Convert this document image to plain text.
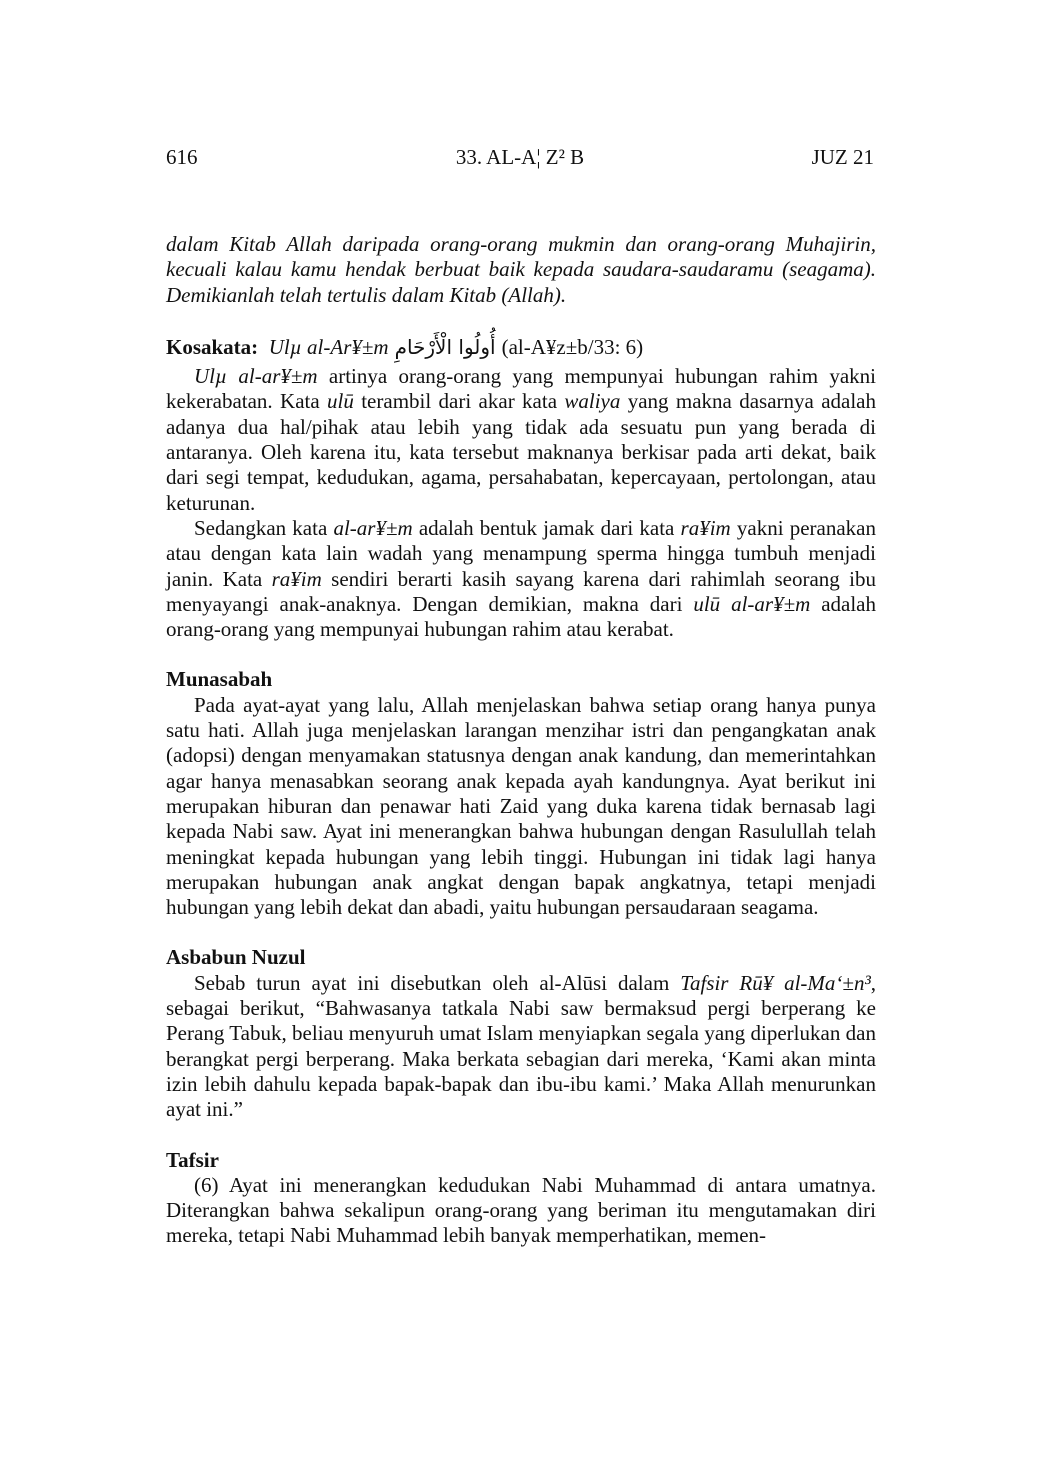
616	33. AL-A¦ Z² B	JUZ 21

dalam Kitab Allah daripada orang-orang mukmin dan orang-orang Muhajirin, kecuali kalau kamu hendak berbuat baik kepada saudara-saudaramu (seagama). Demikianlah telah tertulis dalam Kitab (Allah).

Kosakata: Ulµ al-Ar¥±m أُولُوا الْأَرْحَامِ (al-A¥z±b/33: 6)

Ulµ al-ar¥±m artinya orang-orang yang mempunyai hubungan rahim yakni kekerabatan. Kata ulū terambil dari akar kata waliya yang makna dasarnya adalah adanya dua hal/pihak atau lebih yang tidak ada sesuatu pun yang berada di antaranya. Oleh karena itu, kata tersebut maknanya berkisar pada arti dekat, baik dari segi tempat, kedudukan, agama, persahabatan, kepercayaan, pertolongan, atau keturunan.

Sedangkan kata al-ar¥±m adalah bentuk jamak dari kata ra¥im yakni peranakan atau dengan kata lain wadah yang menampung sperma hingga tumbuh menjadi janin. Kata ra¥im sendiri berarti kasih sayang karena dari rahimlah seorang ibu menyayangi anak-anaknya. Dengan demikian, makna dari ulū al-ar¥±m adalah orang-orang yang mempunyai hubungan rahim atau kerabat.

Munasabah

Pada ayat-ayat yang lalu, Allah menjelaskan bahwa setiap orang hanya punya satu hati. Allah juga menjelaskan larangan menzihar istri dan pengangkatan anak (adopsi) dengan menyamakan statusnya dengan anak kandung, dan memerintahkan agar hanya menasabkan seorang anak kepada ayah kandungnya. Ayat berikut ini merupakan hiburan dan penawar hati Zaid yang duka karena tidak bernasab lagi kepada Nabi saw. Ayat ini menerangkan bahwa hubungan dengan Rasulullah telah meningkat kepada hubungan yang lebih tinggi. Hubungan ini tidak lagi hanya merupakan hubungan anak angkat dengan bapak angkatnya, tetapi menjadi hubungan yang lebih dekat dan abadi, yaitu hubungan persaudaraan seagama.

Asbabun Nuzul

Sebab turun ayat ini disebutkan oleh al-Alūsi dalam Tafsir Rū¥ al-Ma‘±n³, sebagai berikut, “Bahwasanya tatkala Nabi saw bermaksud pergi berperang ke Perang Tabuk, beliau menyuruh umat Islam menyiapkan segala yang diperlukan dan berangkat pergi berperang. Maka berkata sebagian dari mereka, ‘Kami akan minta izin lebih dahulu kepada bapak-bapak dan ibu-ibu kami.’ Maka Allah menurunkan ayat ini.”

Tafsir

(6) Ayat ini menerangkan kedudukan Nabi Muhammad di antara umatnya. Diterangkan bahwa sekalipun orang-orang yang beriman itu mengutamakan diri mereka, tetapi Nabi Muhammad lebih banyak memperhatikan, memen-
